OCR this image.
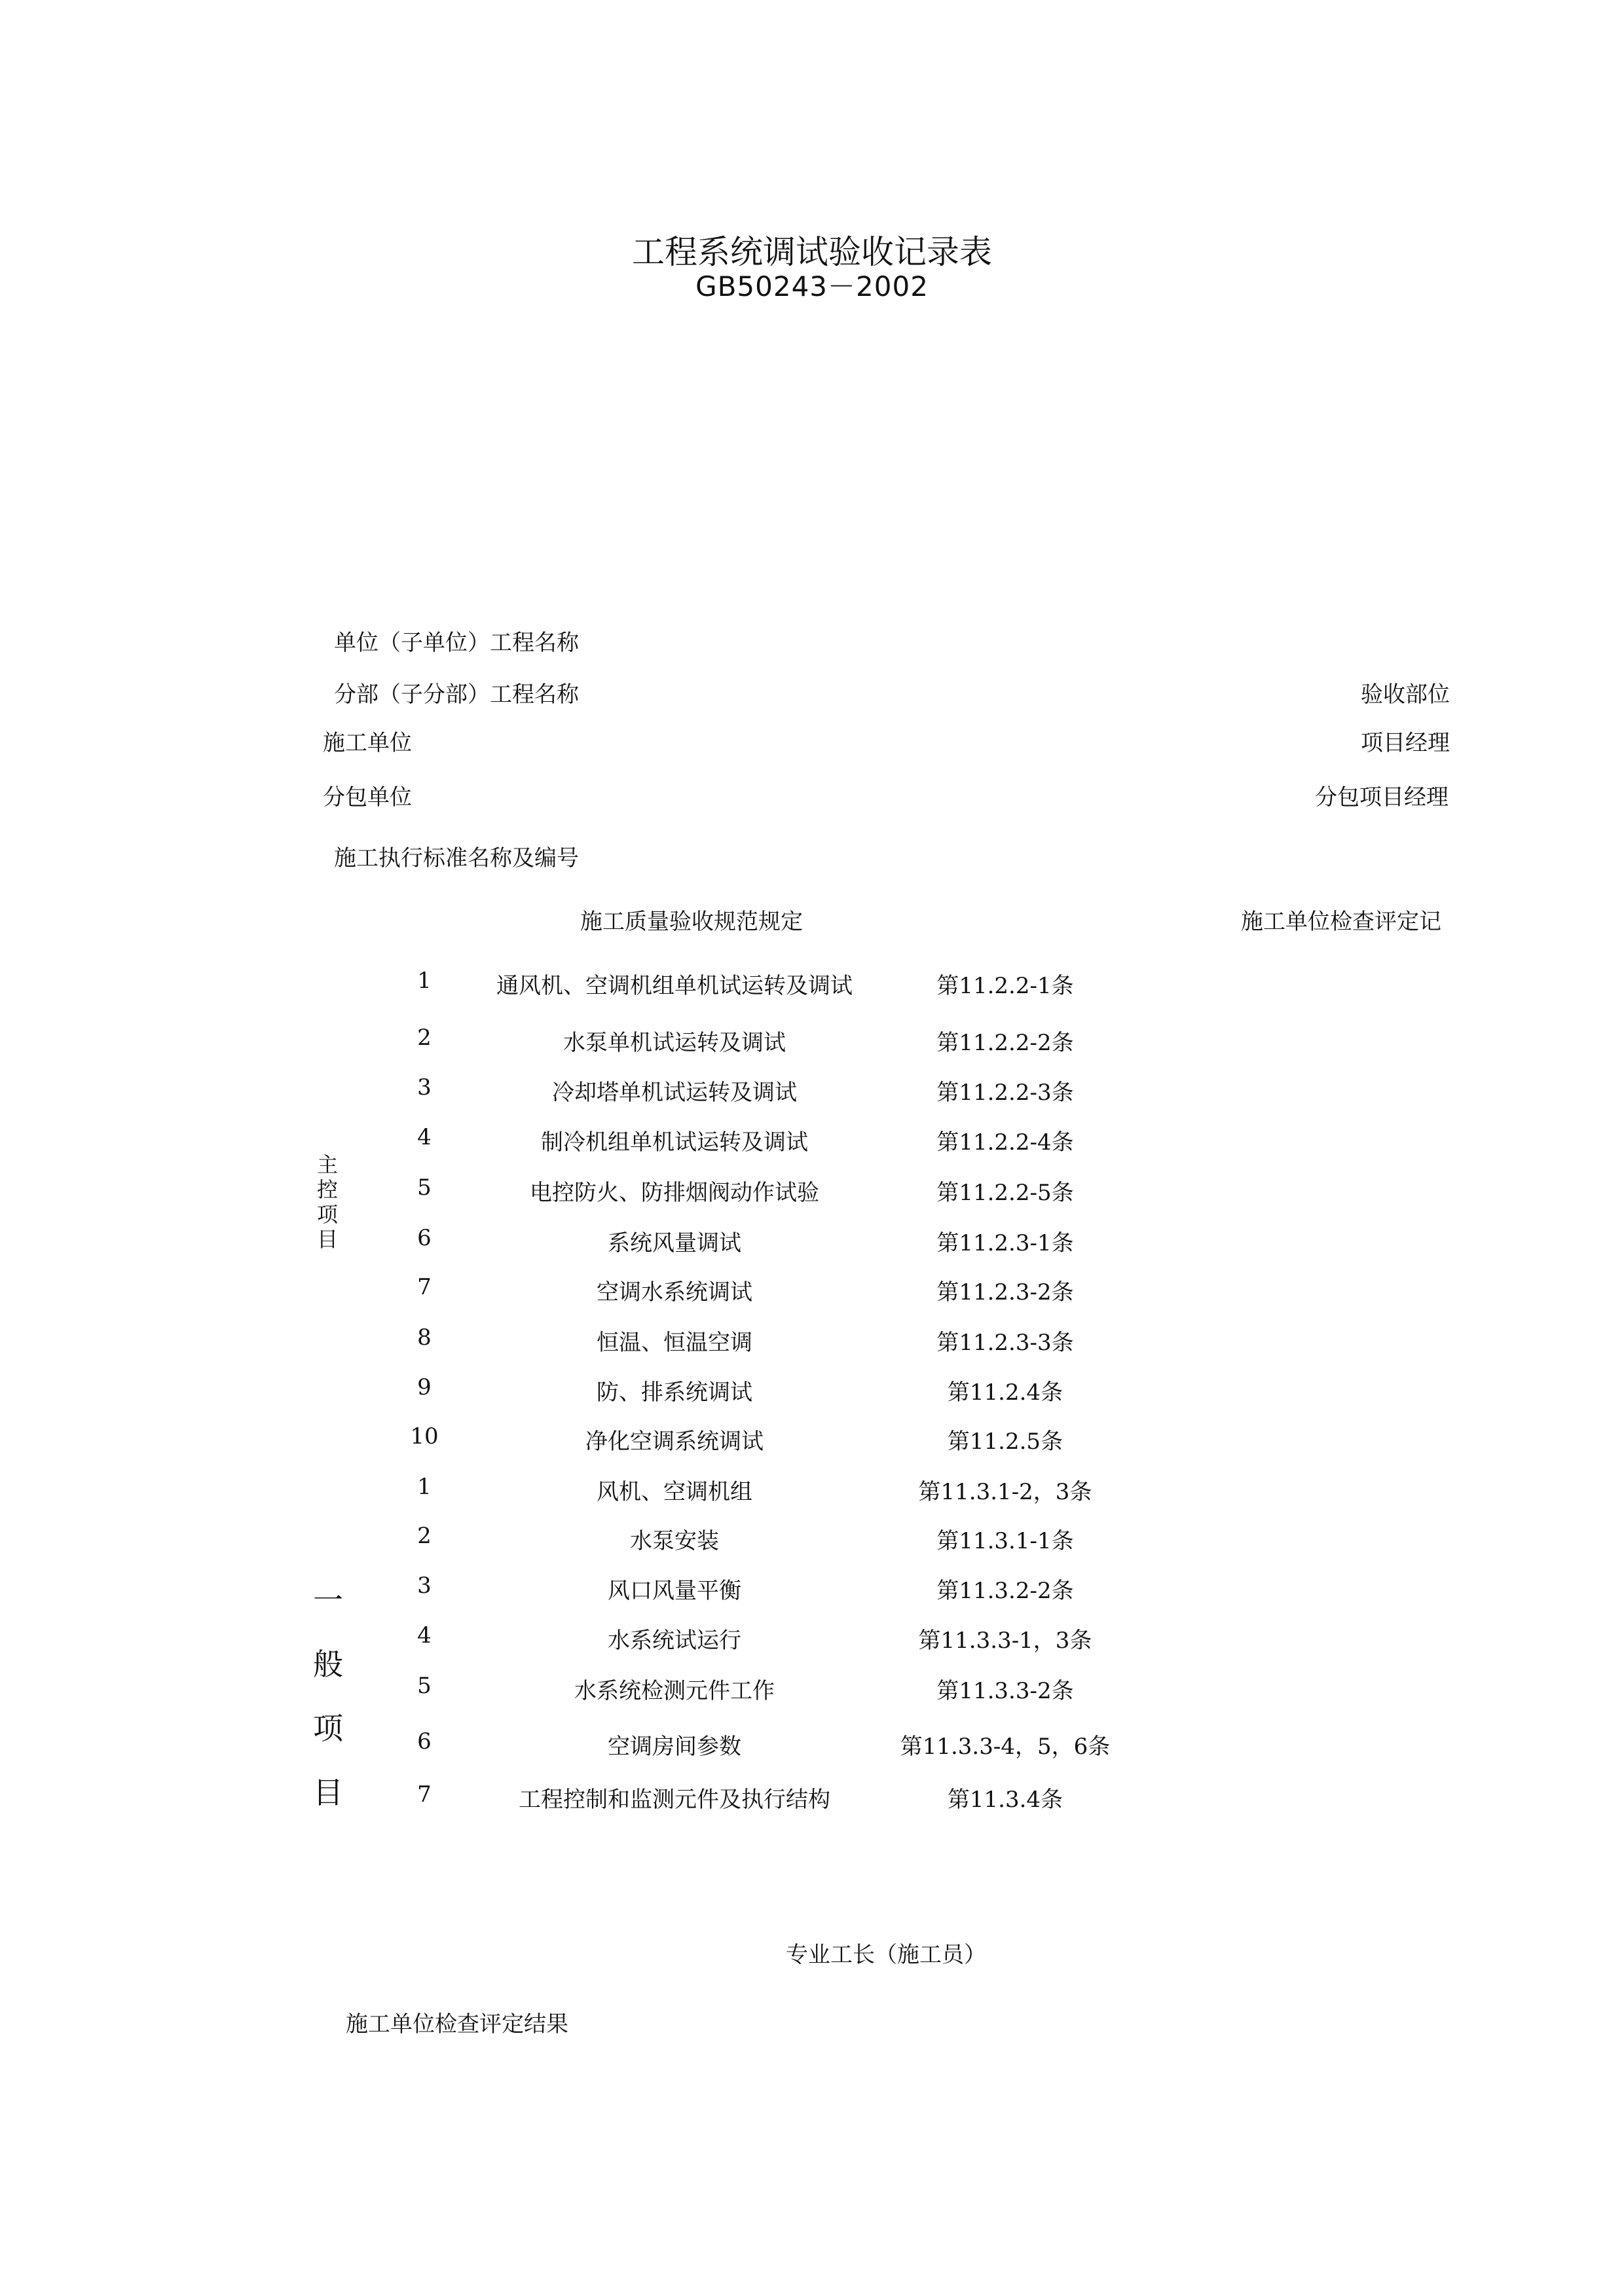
工程系统调试验收记录表
GB50243－2002
单位（子单位）工程名称
分部（子分部）工程名称	验收部位
施工单位	项目经理
分包单位	分包项目经理
施工执行标准名称及编号
施工质量验收规范规定	施工单位检查评定记
主
控
项
目
一
般
项
目
1	通风机、空调机组单机试运转及调试	第11.2.2-1条
2	水泵单机试运转及调试	第11.2.2-2条
3	冷却塔单机试运转及调试	第11.2.2-3条
4	制冷机组单机试运转及调试	第11.2.2-4条
5	电控防火、防排烟阀动作试验	第11.2.2-5条
6	系统风量调试	第11.2.3-1条
7	空调水系统调试	第11.2.3-2条
8	恒温、恒温空调	第11.2.3-3条
9	防、排系统调试	第11.2.4条
10	净化空调系统调试	第11.2.5条
1	风机、空调机组	第11.3.1-2，3条
2	水泵安装	第11.3.1-1条
3	风口风量平衡	第11.3.2-2条
4	水系统试运行	第11.3.3-1，3条
5	水系统检测元件工作	第11.3.3-2条
6	空调房间参数	第11.3.3-4，5，6条
7	工程控制和监测元件及执行结构	第11.3.4条
专业工长（施工员）
施工单位检查评定结果
